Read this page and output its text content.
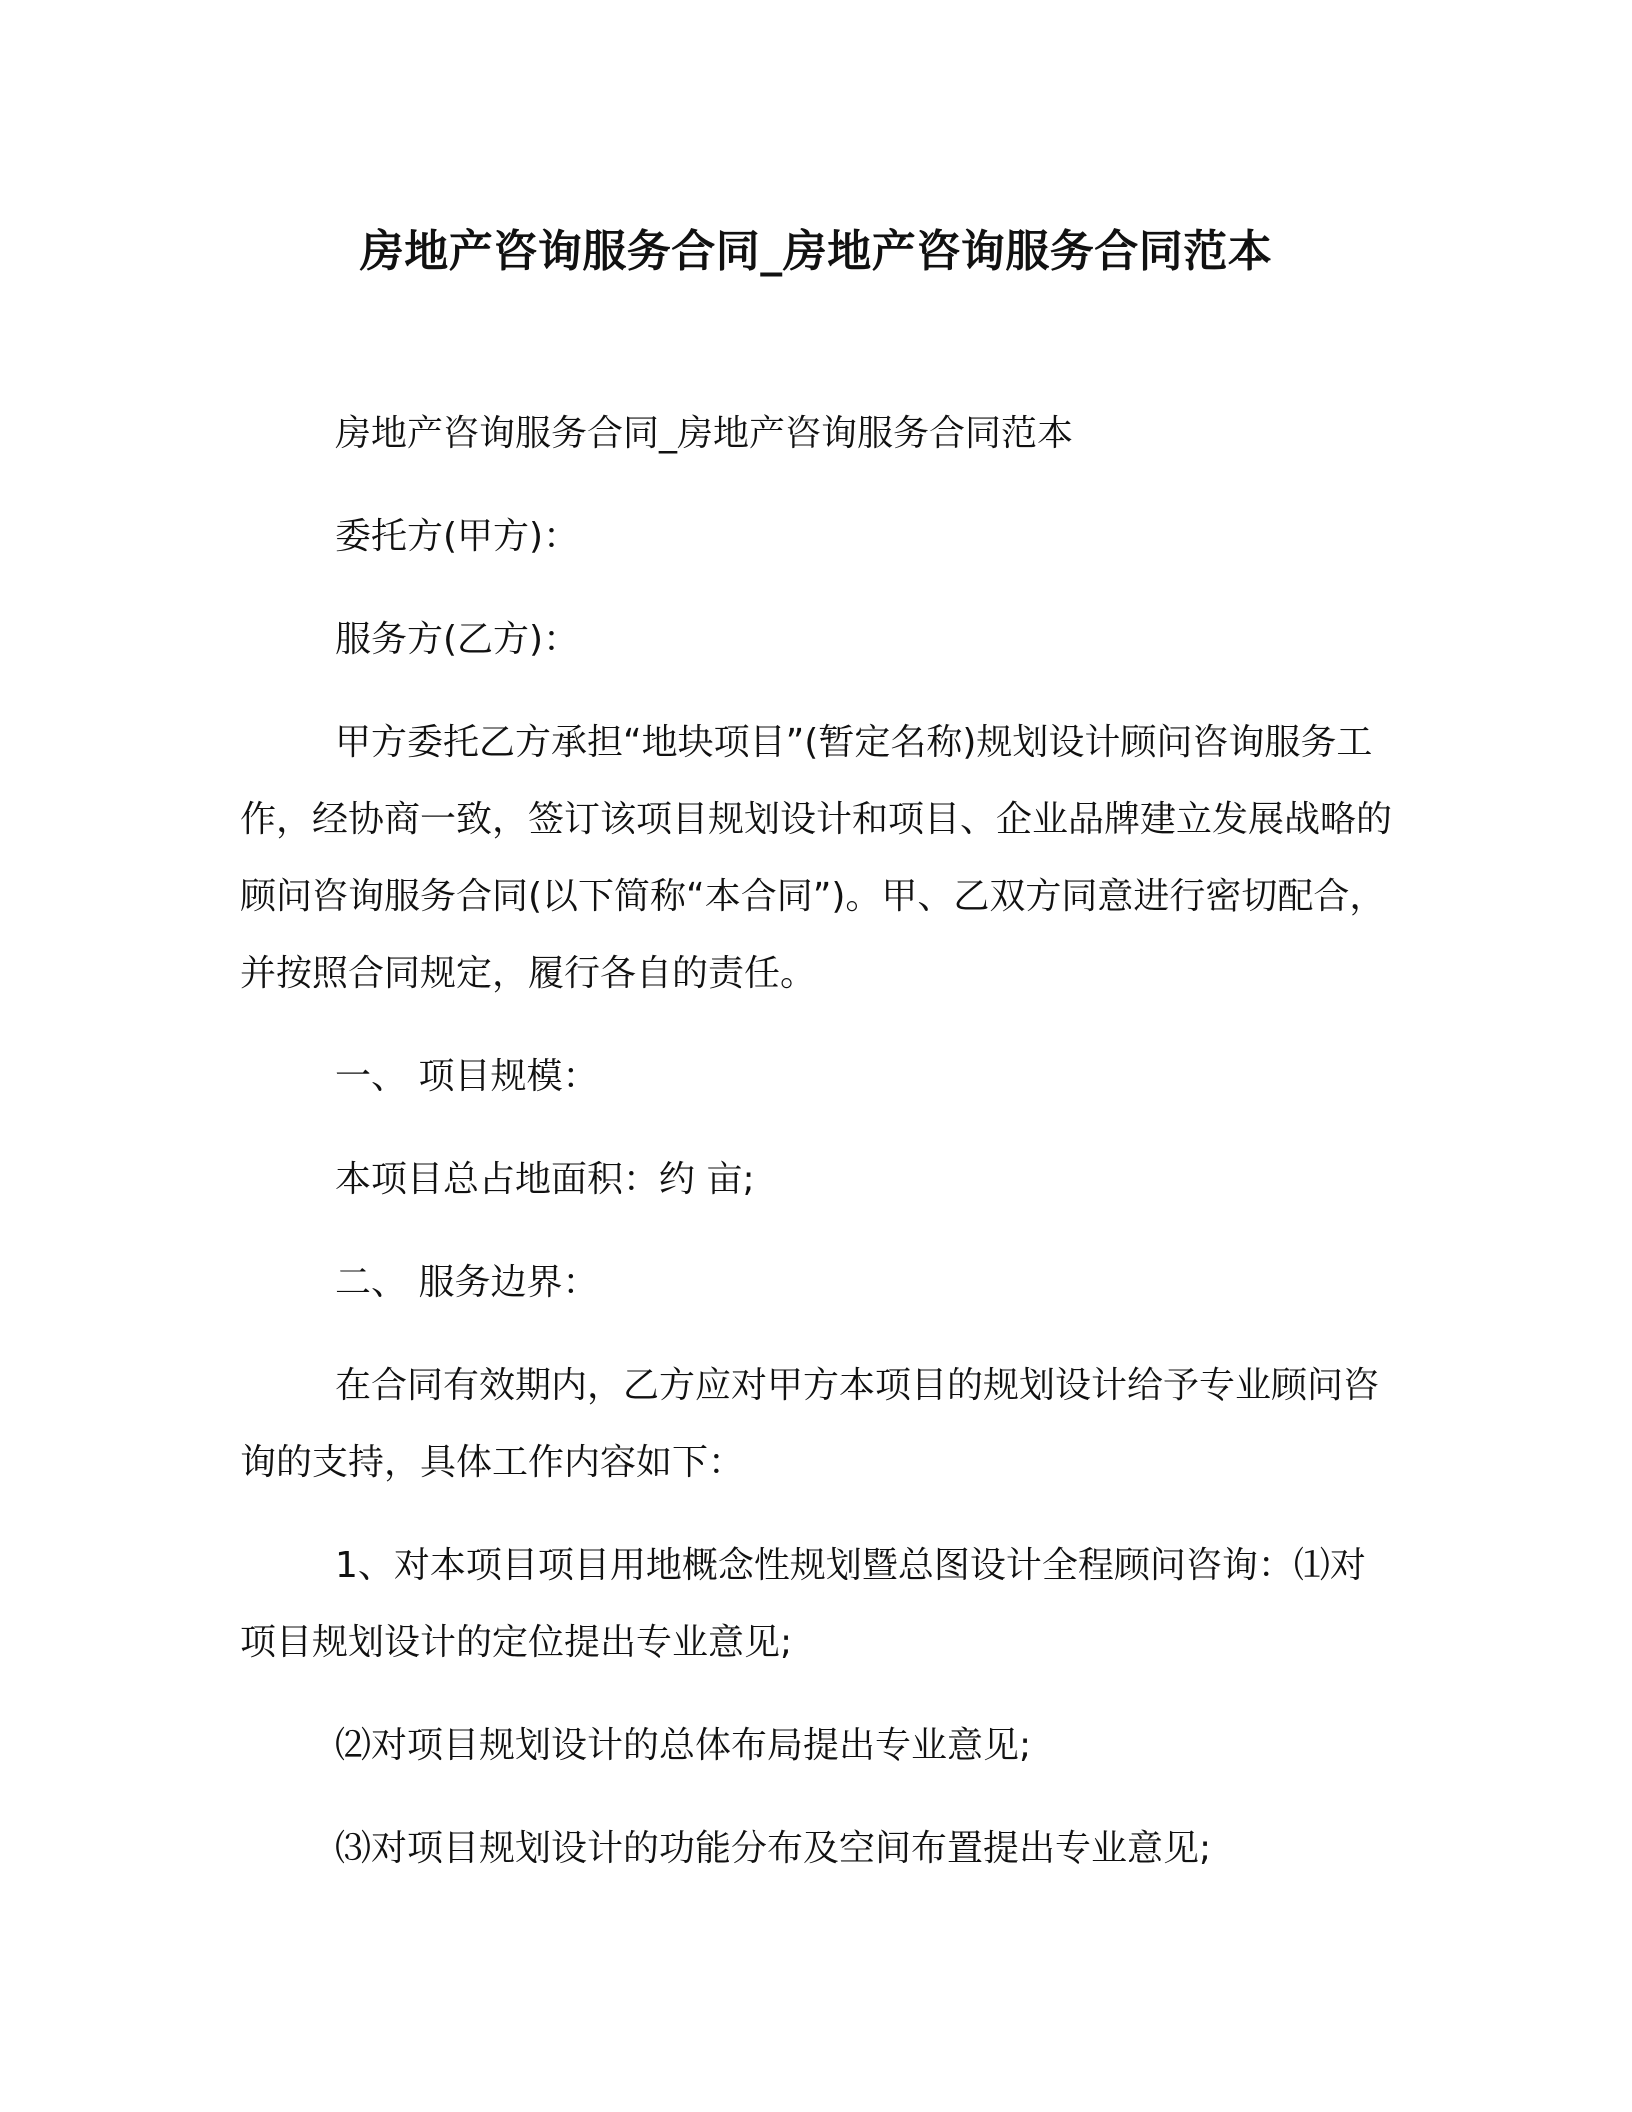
房地产咨询服务合同_房地产咨询服务合同范本

房地产咨询服务合同_房地产咨询服务合同范本

委托方(甲方)：

服务方(乙方)：

甲方委托乙方承担“地块项目”(暂定名称)规划设计顾问咨询服务工作，经协商一致，签订该项目规划设计和项目、企业品牌建立发展战略的顾问咨询服务合同(以下简称“本合同”)。甲、乙双方同意进行密切配合，并按照合同规定，履行各自的责任。

一、 项目规模：

本项目总占地面积：约 亩;

二、 服务边界：

在合同有效期内，乙方应对甲方本项目的规划设计给予专业顾问咨询的支持，具体工作内容如下：

1、对本项目项目用地概念性规划暨总图设计全程顾问咨询：⑴对项目规划设计的定位提出专业意见;

⑵对项目规划设计的总体布局提出专业意见;

⑶对项目规划设计的功能分布及空间布置提出专业意见;
